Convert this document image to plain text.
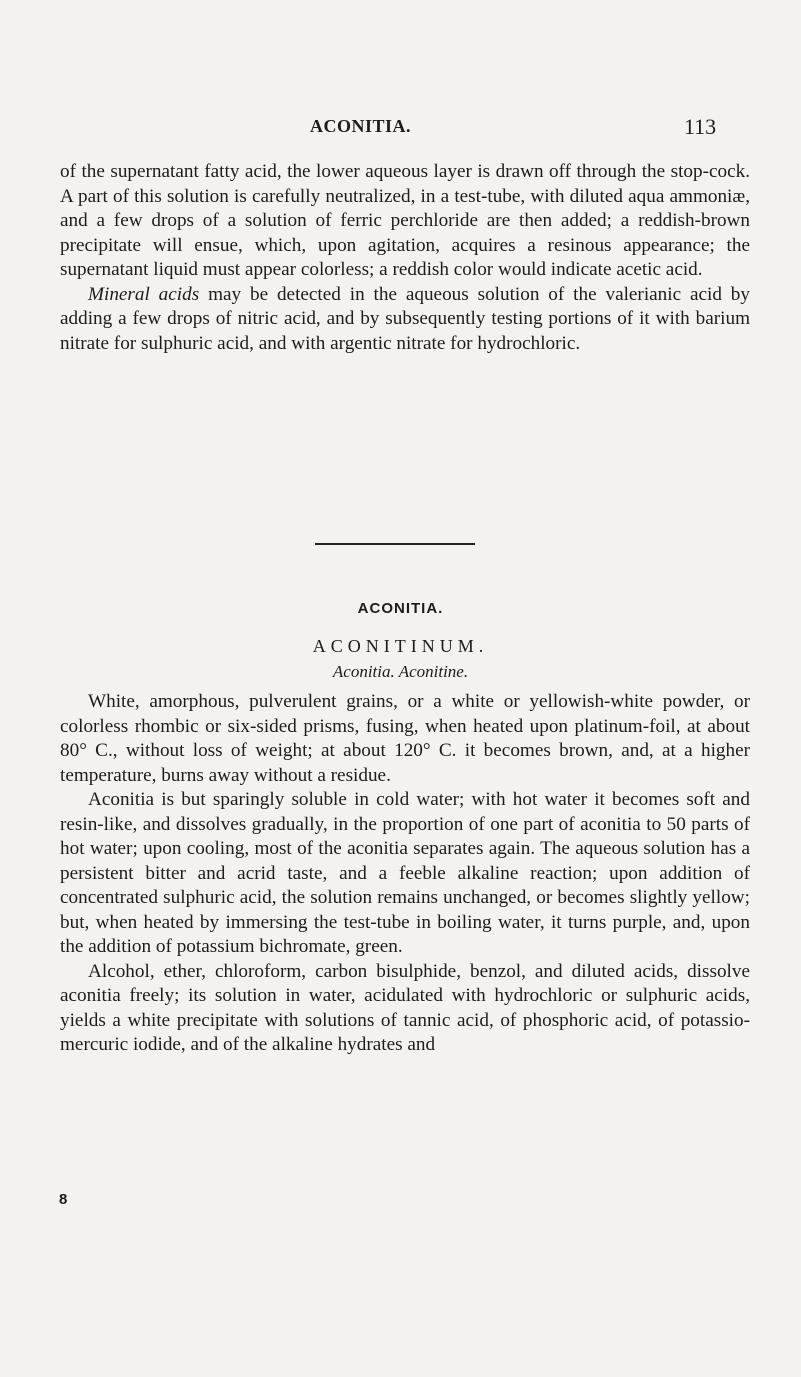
ACONITIA.	113

of the supernatant fatty acid, the lower aqueous layer is drawn off through the stop-cock. A part of this solution is carefully neutralized, in a test-tube, with diluted aqua ammoniæ, and a few drops of a solution of ferric perchloride are then added; a reddish-brown precipitate will ensue, which, upon agitation, acquires a resinous appearance; the supernatant liquid must appear colorless; a reddish color would indicate acetic acid.

Mineral acids may be detected in the aqueous solution of the valerianic acid by adding a few drops of nitric acid, and by subsequently testing portions of it with barium nitrate for sulphuric acid, and with argentic nitrate for hydrochloric.

ACONITIA.
ACONITINUM.
Aconitia. Aconitine.

White, amorphous, pulverulent grains, or a white or yellowish-white powder, or colorless rhombic or six-sided prisms, fusing, when heated upon platinum-foil, at about 80° C., without loss of weight; at about 120° C. it becomes brown, and, at a higher temperature, burns away without a residue.

Aconitia is but sparingly soluble in cold water; with hot water it becomes soft and resin-like, and dissolves gradually, in the proportion of one part of aconitia to 50 parts of hot water; upon cooling, most of the aconitia separates again. The aqueous solution has a persistent bitter and acrid taste, and a feeble alkaline reaction; upon addition of concentrated sulphuric acid, the solution remains unchanged, or becomes slightly yellow; but, when heated by immersing the test-tube in boiling water, it turns purple, and, upon the addition of potassium bichromate, green.

Alcohol, ether, chloroform, carbon bisulphide, benzol, and diluted acids, dissolve aconitia freely; its solution in water, acidulated with hydrochloric or sulphuric acids, yields a white precipitate with solutions of tannic acid, of phosphoric acid, of potassio-mercuric iodide, and of the alkaline hydrates and

8
